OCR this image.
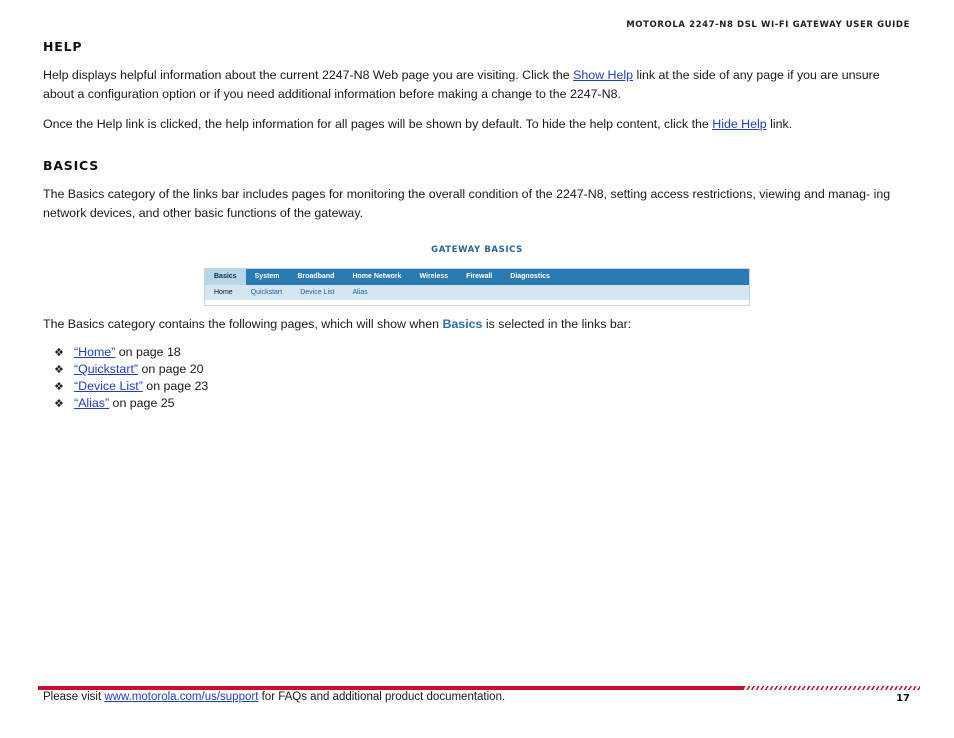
MOTOROLA 2247-N8 DSL WI-FI GATEWAY USER GUIDE
HELP

Help displays helpful information about the current 2247-N8 Web page you are visiting. Click the Show Help link at the side of any page if you are unsure about a configuration option or if you need additional information before making a change to the 2247-N8.

Once the Help link is clicked, the help information for all pages will be shown by default. To hide the help content, click the Hide Help link.

BASICS

The Basics category of the links bar includes pages for monitoring the overall condition of the 2247-N8, setting access restrictions, viewing and manag- ing network devices, and other basic functions of the gateway.

GATEWAY BASICS
Basics	System	Broadband	Home Network	Wireless	Firewall	Diagnostics
Home	Quickstart	Device List	Alias

The Basics category contains the following pages, which will show when Basics is selected in the links bar:

❖ “Home” on page 18
❖ “Quickstart” on page 20
❖ “Device List” on page 23
❖ “Alias” on page 25
Please visit www.motorola.com/us/support for FAQs and additional product documentation.	17
